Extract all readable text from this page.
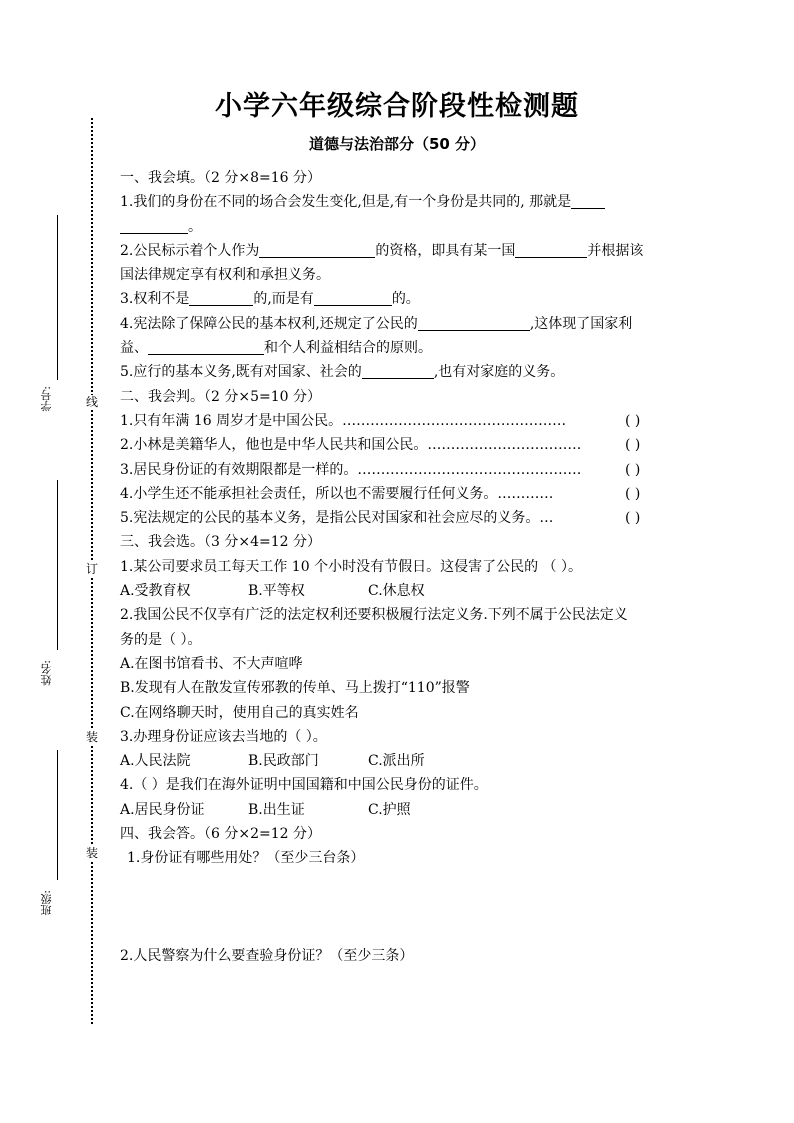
线
订
装
装
学号:
姓名:
班级:
小学六年级综合阶段性检测题
道德与法治部分（50 分）
一、我会填。（2 分×8=16 分）
1.我们的身份在不同的场合会发生变化,但是,有一个身份是共同的, 那就是
。
2.公民标示着个人作为	的资格，即具有某一国	并根据该
国法律规定享有权利和承担义务。
3.权利不是	的,而是有	的。
4.宪法除了保障公民的基本权利,还规定了公民的	,这体现了国家利
益、	和个人利益相结合的原则。
5.应行的基本义务,既有对国家、社会的	,也有对家庭的义务。
二、我会判。（2 分×5=10 分）
1.只有年满 16 周岁才是中国公民。…………………………………………	( )
2.小林是美籍华人，他也是中华人民共和国公民。……………………………	( )
3.居民身份证的有效期限都是一样的。…………………………………………	( )
4.小学生还不能承担社会责任，所以也不需要履行任何义务。…………	( )
5.宪法规定的公民的基本义务，是指公民对国家和社会应尽的义务。…	( )
三、我会选。（3 分×4=12 分）
1.某公司要求员工每天工作 10 个小时没有节假日。这侵害了公民的 （ ）。
A.受教育权	B.平等权	C.休息权
2.我国公民不仅享有广泛的法定权利还要积极履行法定义务.下列不属于公民法定义
务的是（ ）。
A.在图书馆看书、不大声喧哗
B.发现有人在散发宣传邪教的传单、马上拨打“110”报警
C.在网络聊天时，使用自己的真实姓名
3.办理身份证应该去当地的（ ）。
A.人民法院	B.民政部门	C.派出所
4.（ ）是我们在海外证明中国国籍和中国公民身份的证件。
A.居民身份证	B.出生证	C.护照
四、我会答。（6 分×2=12 分）
1.身份证有哪些用处？（至少三台条）
2.人民警察为什么要查验身份证？（至少三条）
